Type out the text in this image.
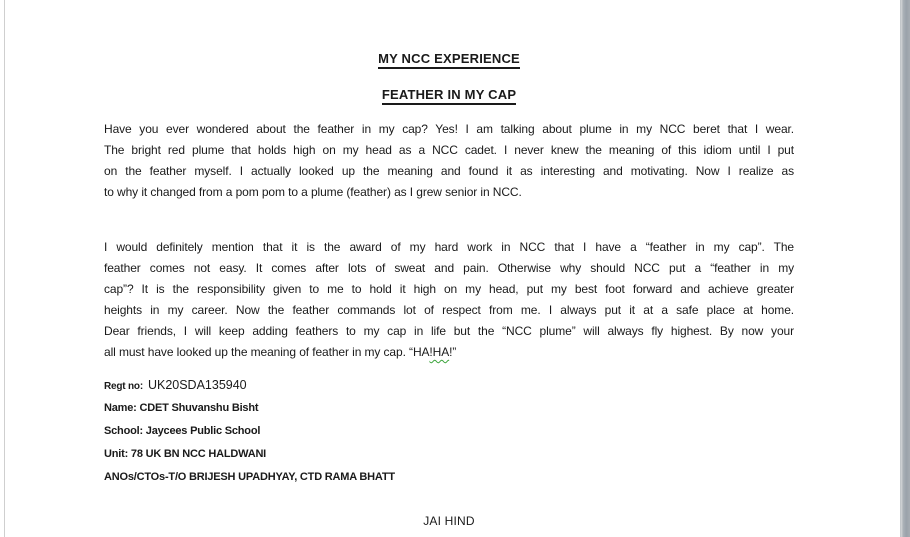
MY NCC EXPERIENCE
FEATHER IN MY CAP
Have you ever wondered about the feather in my cap? Yes! I am talking about plume in my NCC beret that I wear.
The bright red plume that holds high on my head as a NCC cadet. I never knew the meaning of this idiom until I put
on the feather myself. I actually looked up the meaning and found it as interesting and motivating. Now I realize as
to why it changed from a pom pom to a plume (feather) as I grew senior in NCC.
I would definitely mention that it is the award of my hard work in NCC that I have a “feather in my cap”. The
feather comes not easy. It comes after lots of sweat and pain. Otherwise why should NCC put a “feather in my
cap”? It is the responsibility given to me to hold it high on my head, put my best foot forward and achieve greater
heights in my career. Now the feather commands lot of respect from me. I always put it at a safe place at home.
Dear friends, I will keep adding feathers to my cap in life but the “NCC plume” will always fly highest. By now your
all must have looked up the meaning of feather in my cap. “HA!HA!”
Regt no: UK20SDA135940
Name: CDET Shuvanshu Bisht
School: Jaycees Public School
Unit: 78 UK BN NCC HALDWANI
ANOs/CTOs-T/O BRIJESH UPADHYAY, CTD RAMA BHATT
JAI HIND
